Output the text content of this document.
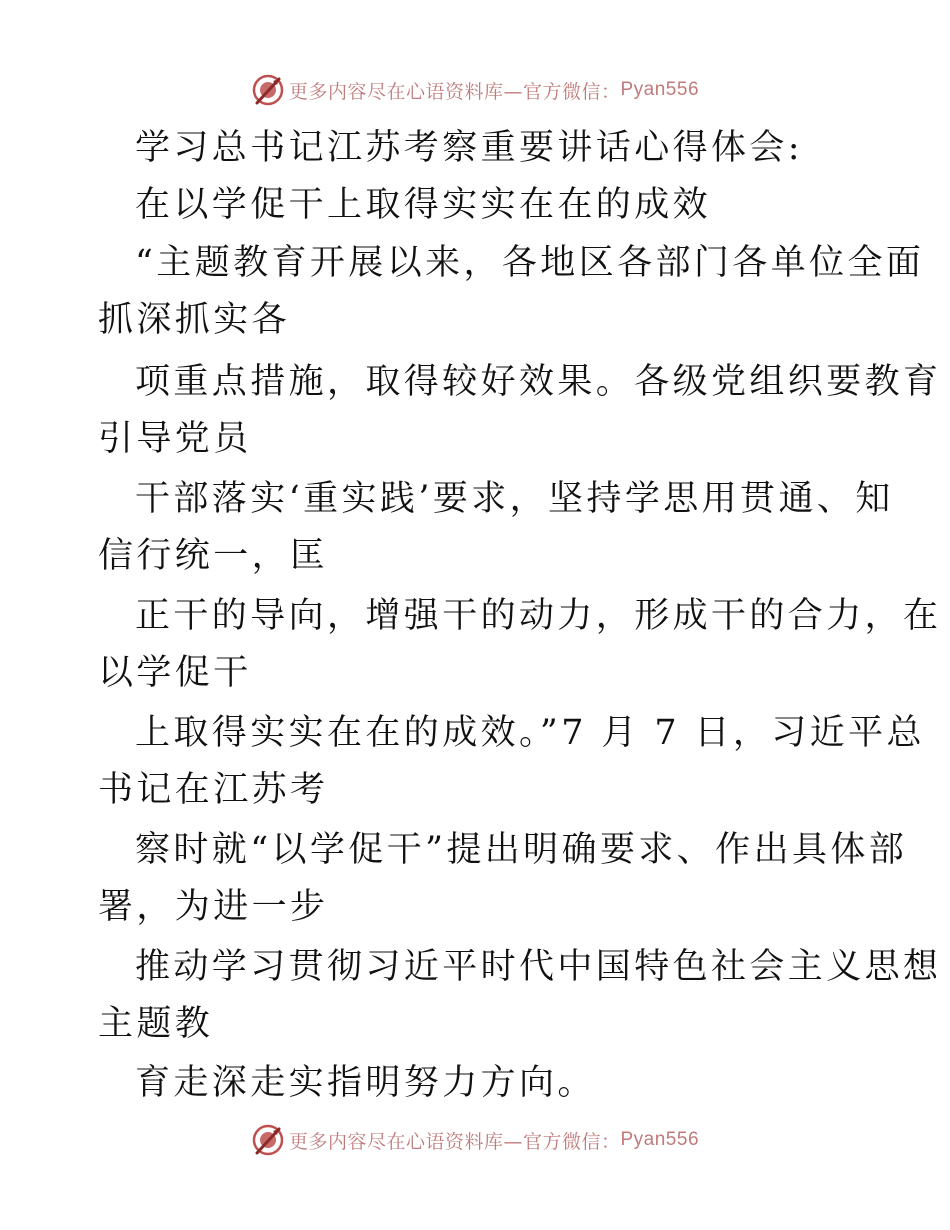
更多内容尽在心语资料库—官方微信： Pyan556
学习总书记江苏考察重要讲话心得体会:
在以学促干上取得实实在在的成效
“主题教育开展以来，各地区各部门各单位全面
抓深抓实各
项重点措施，取得较好效果。各级党组织要教育
引导党员
干部落实‘重实践’要求，坚持学思用贯通、知
信行统一，匡
正干的导向，增强干的动力，形成干的合力，在
以学促干
上取得实实在在的成效。”7 月 7 日，习近平总
书记在江苏考
察时就“以学促干”提出明确要求、作出具体部
署，为进一步
推动学习贯彻习近平时代中国特色社会主义思想
主题教
育走深走实指明努力方向。
更多内容尽在心语资料库—官方微信： Pyan556
